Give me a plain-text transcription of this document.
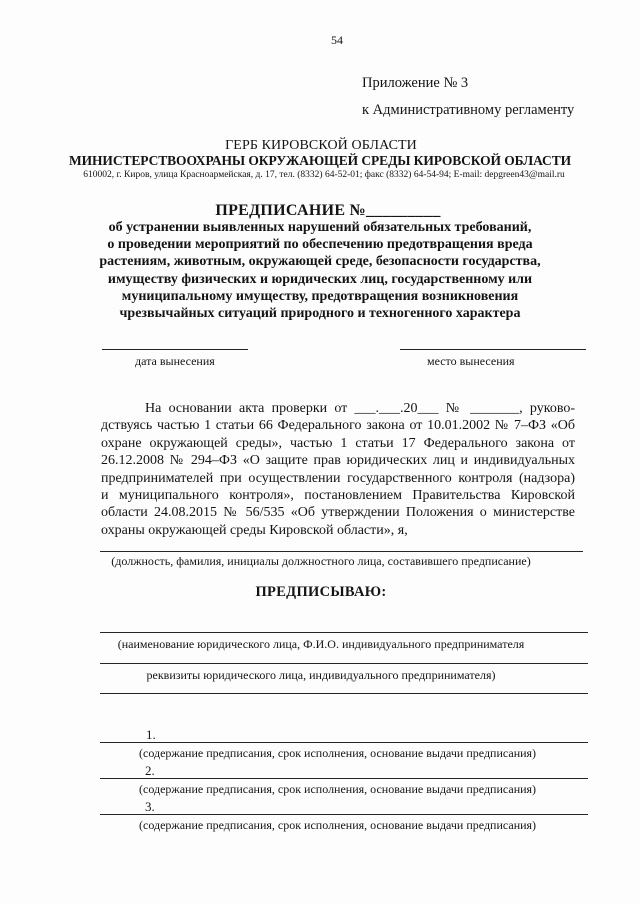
54
Приложение № 3
к Административному регламенту
ГЕРБ КИРОВСКОЙ ОБЛАСТИ
МИНИСТЕРСТВООХРАНЫ ОКРУЖАЮЩЕЙ СРЕДЫ КИРОВСКОЙ ОБЛАСТИ
610002, г. Киров, улица Красноармейская, д. 17, тел. (8332) 64-52-01; факс (8332) 64-54-94; E-mail: depgreen43@mail.ru
ПРЕДПИСАНИЕ №_________
об устранении выявленных нарушений обязательных требований,
о проведении мероприятий по обеспечению предотвращения вреда
растениям, животным, окружающей среде, безопасности государства,
имуществу физических и юридических лиц, государственному или
муниципальному имуществу, предотвращения возникновения
чрезвычайных ситуаций природного и техногенного характера
дата вынесения	место вынесения
На основании акта проверки от ___.___.20___ № _______, руково-
дствуясь частью 1 статьи 66 Федерального закона от 10.01.2002 № 7–ФЗ «Об
охране окружающей среды», частью 1 статьи 17 Федерального закона от
26.12.2008 № 294–ФЗ «О защите прав юридических лиц и индивидуальных
предпринимателей при осуществлении государственного контроля (надзора)
и муниципального контроля», постановлением Правительства Кировской
области 24.08.2015 № 56/535 «Об утверждении Положения о министерстве
охраны окружающей среды Кировской области», я,
(должность, фамилия, инициалы должностного лица, составившего предписание)
ПРЕДПИСЫВАЮ:
(наименование юридического лица, Ф.И.О. индивидуального предпринимателя
реквизиты юридического лица, индивидуального предпринимателя)
1.
(содержание предписания, срок исполнения, основание выдачи предписания)
2.
(содержание предписания, срок исполнения, основание выдачи предписания)
3.
(содержание предписания, срок исполнения, основание выдачи предписания)
